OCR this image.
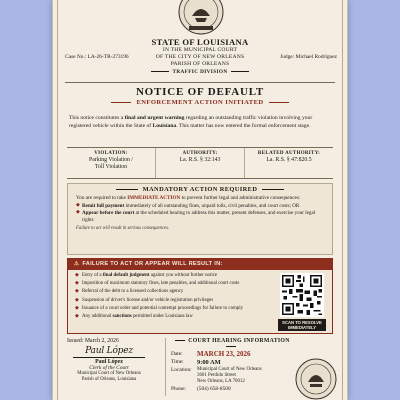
STATE OF LOUISIANA
IN THE MUNICIPAL COURT
OF THE CITY OF NEW ORLEANS
PARISH OF ORLEANS
TRAFFIC DIVISION
Case No.: LA-26-TR-273196	Judge: Michael Rodriguez
NOTICE OF DEFAULT
ENFORCEMENT ACTION INITIATED
This notice constitutes a final and urgent warning regarding an outstanding traffic violation involving your registered vehicle within the State of Louisiana. This matter has now entered the formal enforcement stage.
VIOLATION:
Parking Violation /
Toll Violation
AUTHORITY:
La. R.S. § 32:143
RELATED AUTHORITY:
La. R.S. § 47:820.5
MANDATORY ACTION REQUIRED
You are required to take IMMEDIATE ACTION to prevent further legal and administrative consequences:
◆ Remit full payment immediately of all outstanding fines, unpaid tolls, civil penalties, and court costs; OR
◆ Appear before the court at the scheduled hearing to address this matter, present defenses, and exercise your legal rights
Failure to act will result in serious consequences.
⚠ FAILURE TO ACT OR APPEAR WILL RESULT IN:
◆ Entry of a final default judgment against you without further notice
◆ Imposition of maximum statutory fines, late penalties, and additional court costs
◆ Referral of the debt to a licensed collections agency
◆ Suspension of driver's license and/or vehicle registration privileges
◆ Issuance of a court order and potential contempt proceedings for failure to comply
◆ Any additional sanctions permitted under Louisiana law
SCAN TO RESOLVE IMMEDIATELY
Issued: March 2, 2026
Paul López
Paul López
Clerk of the Court
Municipal Court of New Orleans
Parish of Orleans, Louisiana
COURT HEARING INFORMATION
Date:	MARCH 23, 2026
Time:	9:00 AM
Location:	Municipal Court of New Orleans
3601 Perdido Street
New Orleans, LA 70012
Phone:	(504) 658-8500
